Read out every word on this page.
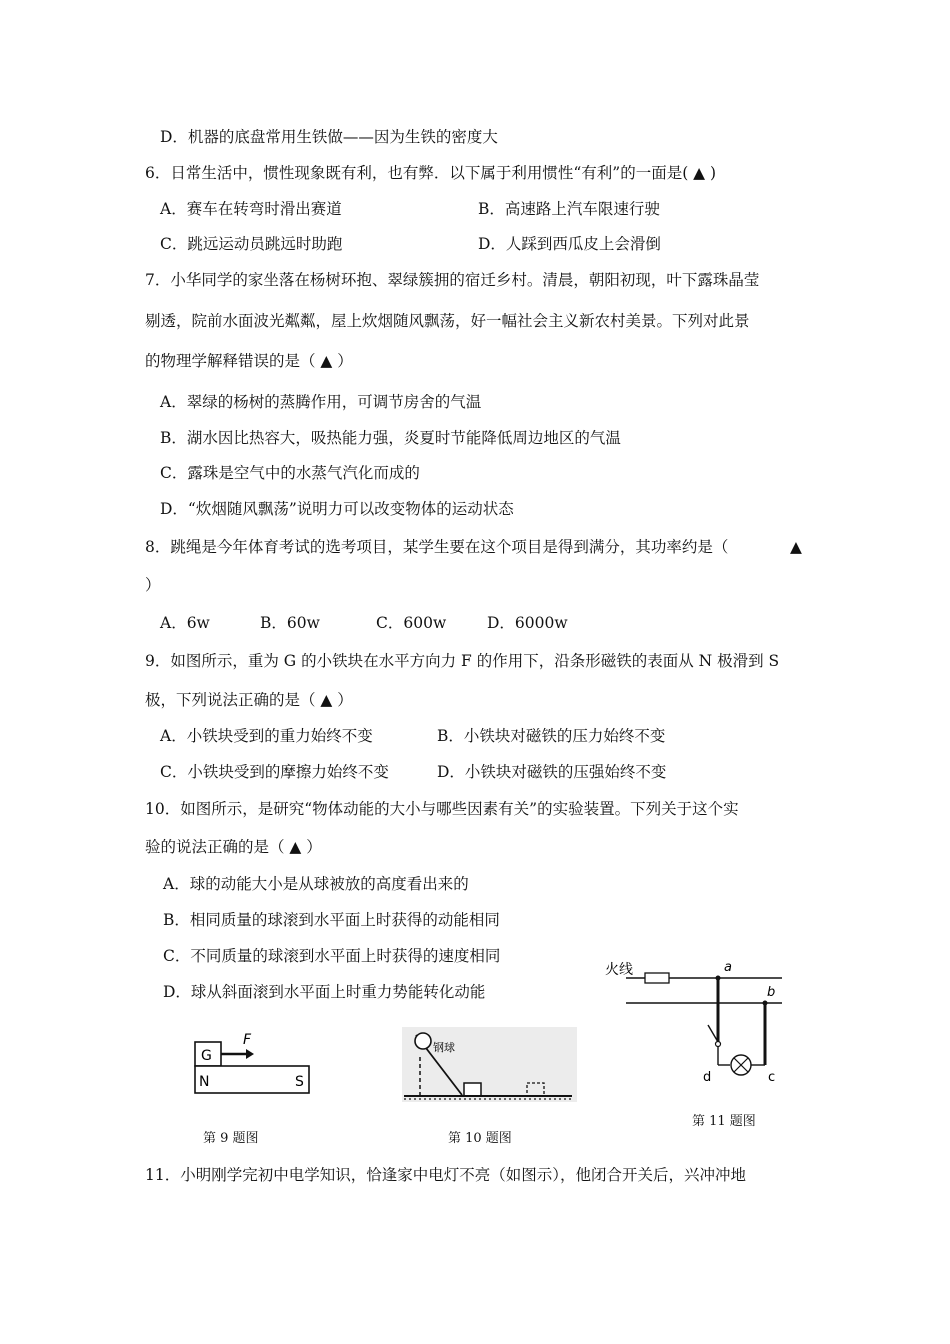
D．机器的底盘常用生铁做——因为生铁的密度大
6．日常生活中，惯性现象既有利，也有弊．以下属于利用惯性“有利”的一面是( ▲ )
A．赛车在转弯时滑出赛道	B．高速路上汽车限速行驶
C．跳远运动员跳远时助跑	D．人踩到西瓜皮上会滑倒
7．小华同学的家坐落在杨树环抱、翠绿簇拥的宿迁乡村。清晨，朝阳初现，叶下露珠晶莹
剔透，院前水面波光粼粼，屋上炊烟随风飘荡，好一幅社会主义新农村美景。下列对此景
的物理学解释错误的是（ ▲ ）
A．翠绿的杨树的蒸腾作用，可调节房舍的气温
B．湖水因比热容大，吸热能力强，炎夏时节能降低周边地区的气温
C．露珠是空气中的水蒸气汽化而成的
D．“炊烟随风飘荡”说明力可以改变物体的运动状态
8．跳绳是今年体育考试的选考项目，某学生要在这个项目是得到满分，其功率约是（	▲
）
A．6w	B．60w	C．600w	D．6000w
9．如图所示，重为 G 的小铁块在水平方向力 F 的作用下，沿条形磁铁的表面从 N 极滑到 S
极，下列说法正确的是（ ▲ ）
A．小铁块受到的重力始终不变	B．小铁块对磁铁的压力始终不变
C．小铁块受到的摩擦力始终不变	D．小铁块对磁铁的压强始终不变
10．如图所示，是研究“物体动能的大小与哪些因素有关”的实验装置。下列关于这个实
验的说法正确的是（ ▲ ）
A．球的动能大小是从球被放的高度看出来的
B．相同质量的球滚到水平面上时获得的动能相同
C．不同质量的球滚到水平面上时获得的速度相同
D．球从斜面滚到水平面上时重力势能转化动能
G
F
N	S
第 9 题图
钢球
第 10 题图
火线	a
b
d	c
第 11 题图
11．小明刚学完初中电学知识，恰逢家中电灯不亮（如图示），他闭合开关后，兴冲冲地
